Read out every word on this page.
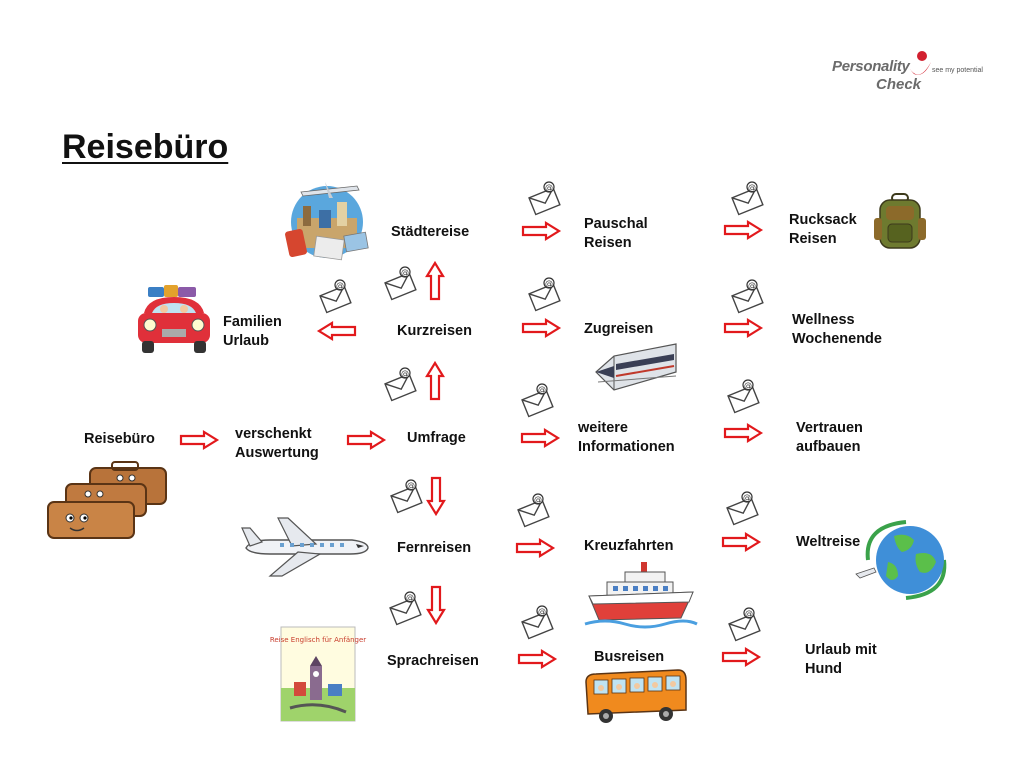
Personality	see my potential
Check
Reisebüro
Reisebüro	verschenkt
Auswertung
Umfrage
Kurzreisen
Städtereise
Familien
Urlaub
Fernreisen
Sprachreisen
Pauschal
Reisen
Zugreisen
weitere
Informationen
Kreuzfahrten
Busreisen
Rucksack
Reisen
Wellness
Wochenende
Vertrauen
aufbauen
Weltreise
Urlaub mit
Hund
@	@
@
@	@	@
@
@	@
@
@	@
@
@	@
Reise Englisch für Anfänger
